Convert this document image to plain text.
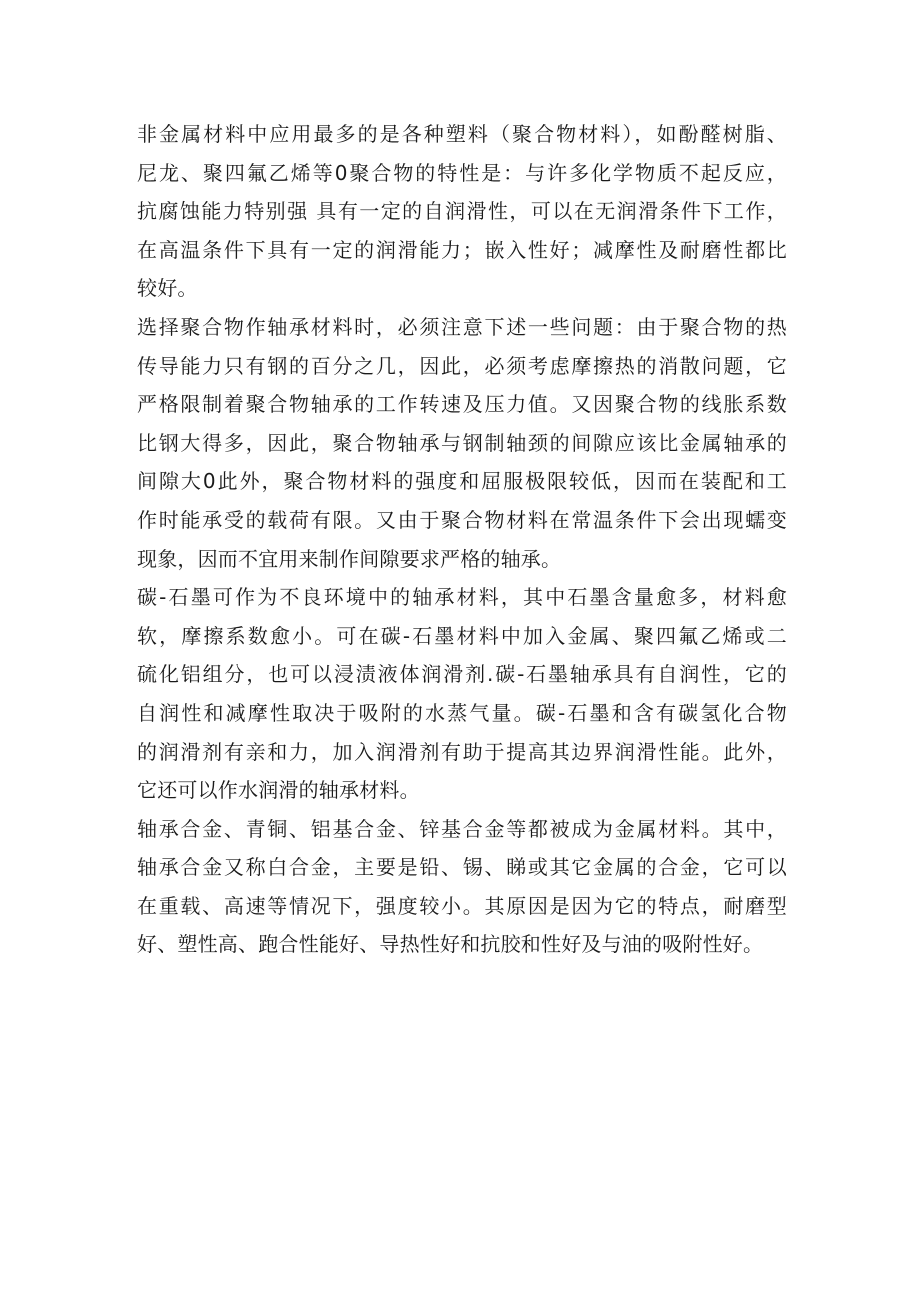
非金属材料中应用最多的是各种塑料（聚合物材料），如酚醛树脂、
尼龙、聚四氟乙烯等0聚合物的特性是：与许多化学物质不起反应，
抗腐蚀能力特别强 具有一定的自润滑性，可以在无润滑条件下工作，
在高温条件下具有一定的润滑能力；嵌入性好；减摩性及耐磨性都比
较好。
选择聚合物作轴承材料时，必须注意下述一些问题：由于聚合物的热
传导能力只有钢的百分之几，因此，必须考虑摩擦热的消散问题，它
严格限制着聚合物轴承的工作转速及压力值。又因聚合物的线胀系数
比钢大得多，因此，聚合物轴承与钢制轴颈的间隙应该比金属轴承的
间隙大0此外，聚合物材料的强度和屈服极限较低，因而在装配和工
作时能承受的载荷有限。又由于聚合物材料在常温条件下会出现蠕变
现象，因而不宜用来制作间隙要求严格的轴承。
碳-石墨可作为不良环境中的轴承材料，其中石墨含量愈多，材料愈
软，摩擦系数愈小。可在碳-石墨材料中加入金属、聚四氟乙烯或二
硫化铝组分，也可以浸渍液体润滑剂.碳-石墨轴承具有自润性，它的
自润性和减摩性取决于吸附的水蒸气量。碳-石墨和含有碳氢化合物
的润滑剂有亲和力，加入润滑剂有助于提高其边界润滑性能。此外，
它还可以作水润滑的轴承材料。
轴承合金、青铜、铝基合金、锌基合金等都被成为金属材料。其中，
轴承合金又称白合金，主要是铅、锡、睇或其它金属的合金，它可以
在重载、高速等情况下，强度较小。其原因是因为它的特点，耐磨型
好、塑性高、跑合性能好、导热性好和抗胶和性好及与油的吸附性好。
